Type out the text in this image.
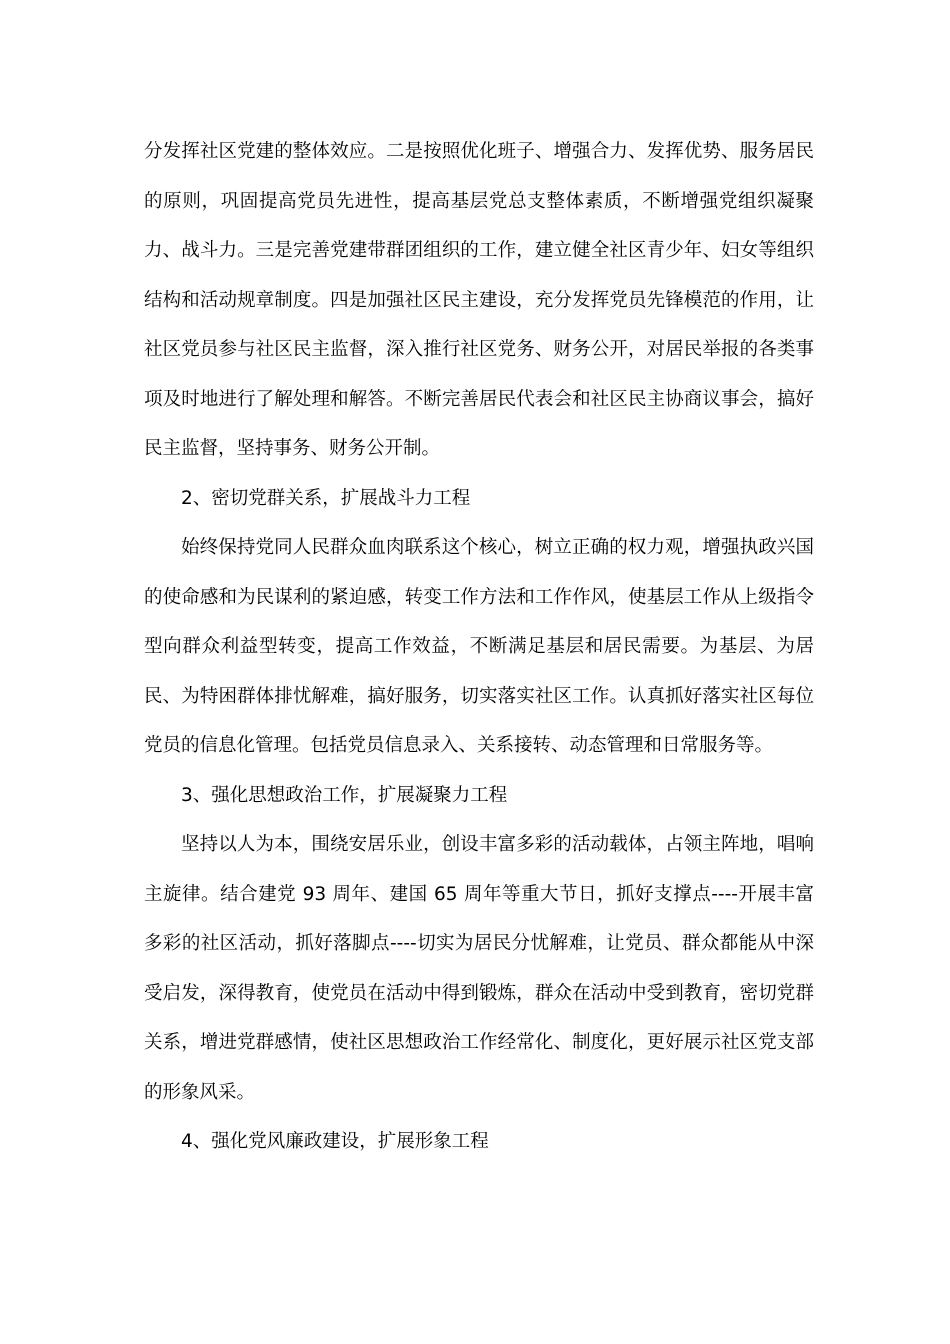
分发挥社区党建的整体效应。二是按照优化班子、增强合力、发挥优势、服务居民的原则，巩固提高党员先进性，提高基层党总支整体素质，不断增强党组织凝聚力、战斗力。三是完善党建带群团组织的工作，建立健全社区青少年、妇女等组织结构和活动规章制度。四是加强社区民主建设，充分发挥党员先锋模范的作用，让社区党员参与社区民主监督，深入推行社区党务、财务公开，对居民举报的各类事项及时地进行了解处理和解答。不断完善居民代表会和社区民主协商议事会，搞好民主监督，坚持事务、财务公开制。

2、密切党群关系，扩展战斗力工程

始终保持党同人民群众血肉联系这个核心，树立正确的权力观，增强执政兴国的使命感和为民谋利的紧迫感，转变工作方法和工作作风，使基层工作从上级指令型向群众利益型转变，提高工作效益，不断满足基层和居民需要。为基层、为居民、为特困群体排忧解难，搞好服务，切实落实社区工作。认真抓好落实社区每位党员的信息化管理。包括党员信息录入、关系接转、动态管理和日常服务等。

3、强化思想政治工作，扩展凝聚力工程

坚持以人为本，围绕安居乐业，创设丰富多彩的活动载体，占领主阵地，唱响主旋律。结合建党 93 周年、建国 65 周年等重大节日，抓好支撑点----开展丰富多彩的社区活动，抓好落脚点----切实为居民分忧解难，让党员、群众都能从中深受启发，深得教育，使党员在活动中得到锻炼，群众在活动中受到教育，密切党群关系，增进党群感情，使社区思想政治工作经常化、制度化，更好展示社区党支部的形象风采。

4、强化党风廉政建设，扩展形象工程
